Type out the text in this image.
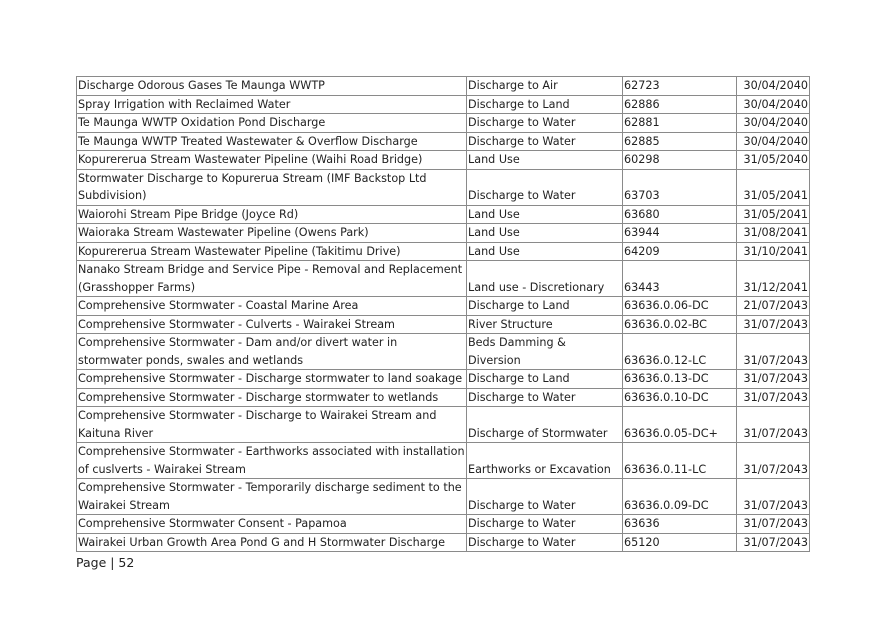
Discharge Odorous Gases Te Maunga WWTP	Discharge to Air	62723	30/04/2040
Spray Irrigation with Reclaimed Water	Discharge to Land	62886	30/04/2040
Te Maunga WWTP Oxidation Pond Discharge	Discharge to Water	62881	30/04/2040
Te Maunga WWTP Treated Wastewater & Overflow Discharge	Discharge to Water	62885	30/04/2040
Kopurererua Stream Wastewater Pipeline (Waihi Road Bridge)	Land Use	60298	31/05/2040
Stormwater Discharge to Kopurerua Stream (IMF Backstop Ltd Subdivision)	Discharge to Water	63703	31/05/2041
Waiorohi Stream Pipe Bridge (Joyce Rd)	Land Use	63680	31/05/2041
Waioraka Stream Wastewater Pipeline (Owens Park)	Land Use	63944	31/08/2041
Kopurererua Stream Wastewater Pipeline (Takitimu Drive)	Land Use	64209	31/10/2041
Nanako Stream Bridge and Service Pipe - Removal and Replacement (Grasshopper Farms)	Land use - Discretionary	63443	31/12/2041
Comprehensive Stormwater - Coastal Marine Area	Discharge to Land	63636.0.06-DC	21/07/2043
Comprehensive Stormwater - Culverts - Wairakei Stream	River Structure	63636.0.02-BC	31/07/2043
Comprehensive Stormwater - Dam and/or divert water in stormwater ponds, swales and wetlands	Beds Damming & Diversion	63636.0.12-LC	31/07/2043
Comprehensive Stormwater - Discharge stormwater to land soakage	Discharge to Land	63636.0.13-DC	31/07/2043
Comprehensive Stormwater - Discharge stormwater to wetlands	Discharge to Water	63636.0.10-DC	31/07/2043
Comprehensive Stormwater - Discharge to Wairakei Stream and Kaituna River	Discharge of Stormwater	63636.0.05-DC+	31/07/2043
Comprehensive Stormwater - Earthworks associated with installation of cuslverts - Wairakei Stream	Earthworks or Excavation	63636.0.11-LC	31/07/2043
Comprehensive Stormwater - Temporarily discharge sediment to the Wairakei Stream	Discharge to Water	63636.0.09-DC	31/07/2043
Comprehensive Stormwater Consent - Papamoa	Discharge to Water	63636	31/07/2043
Wairakei Urban Growth Area Pond G and H Stormwater Discharge	Discharge to Water	65120	31/07/2043
Page | 52
